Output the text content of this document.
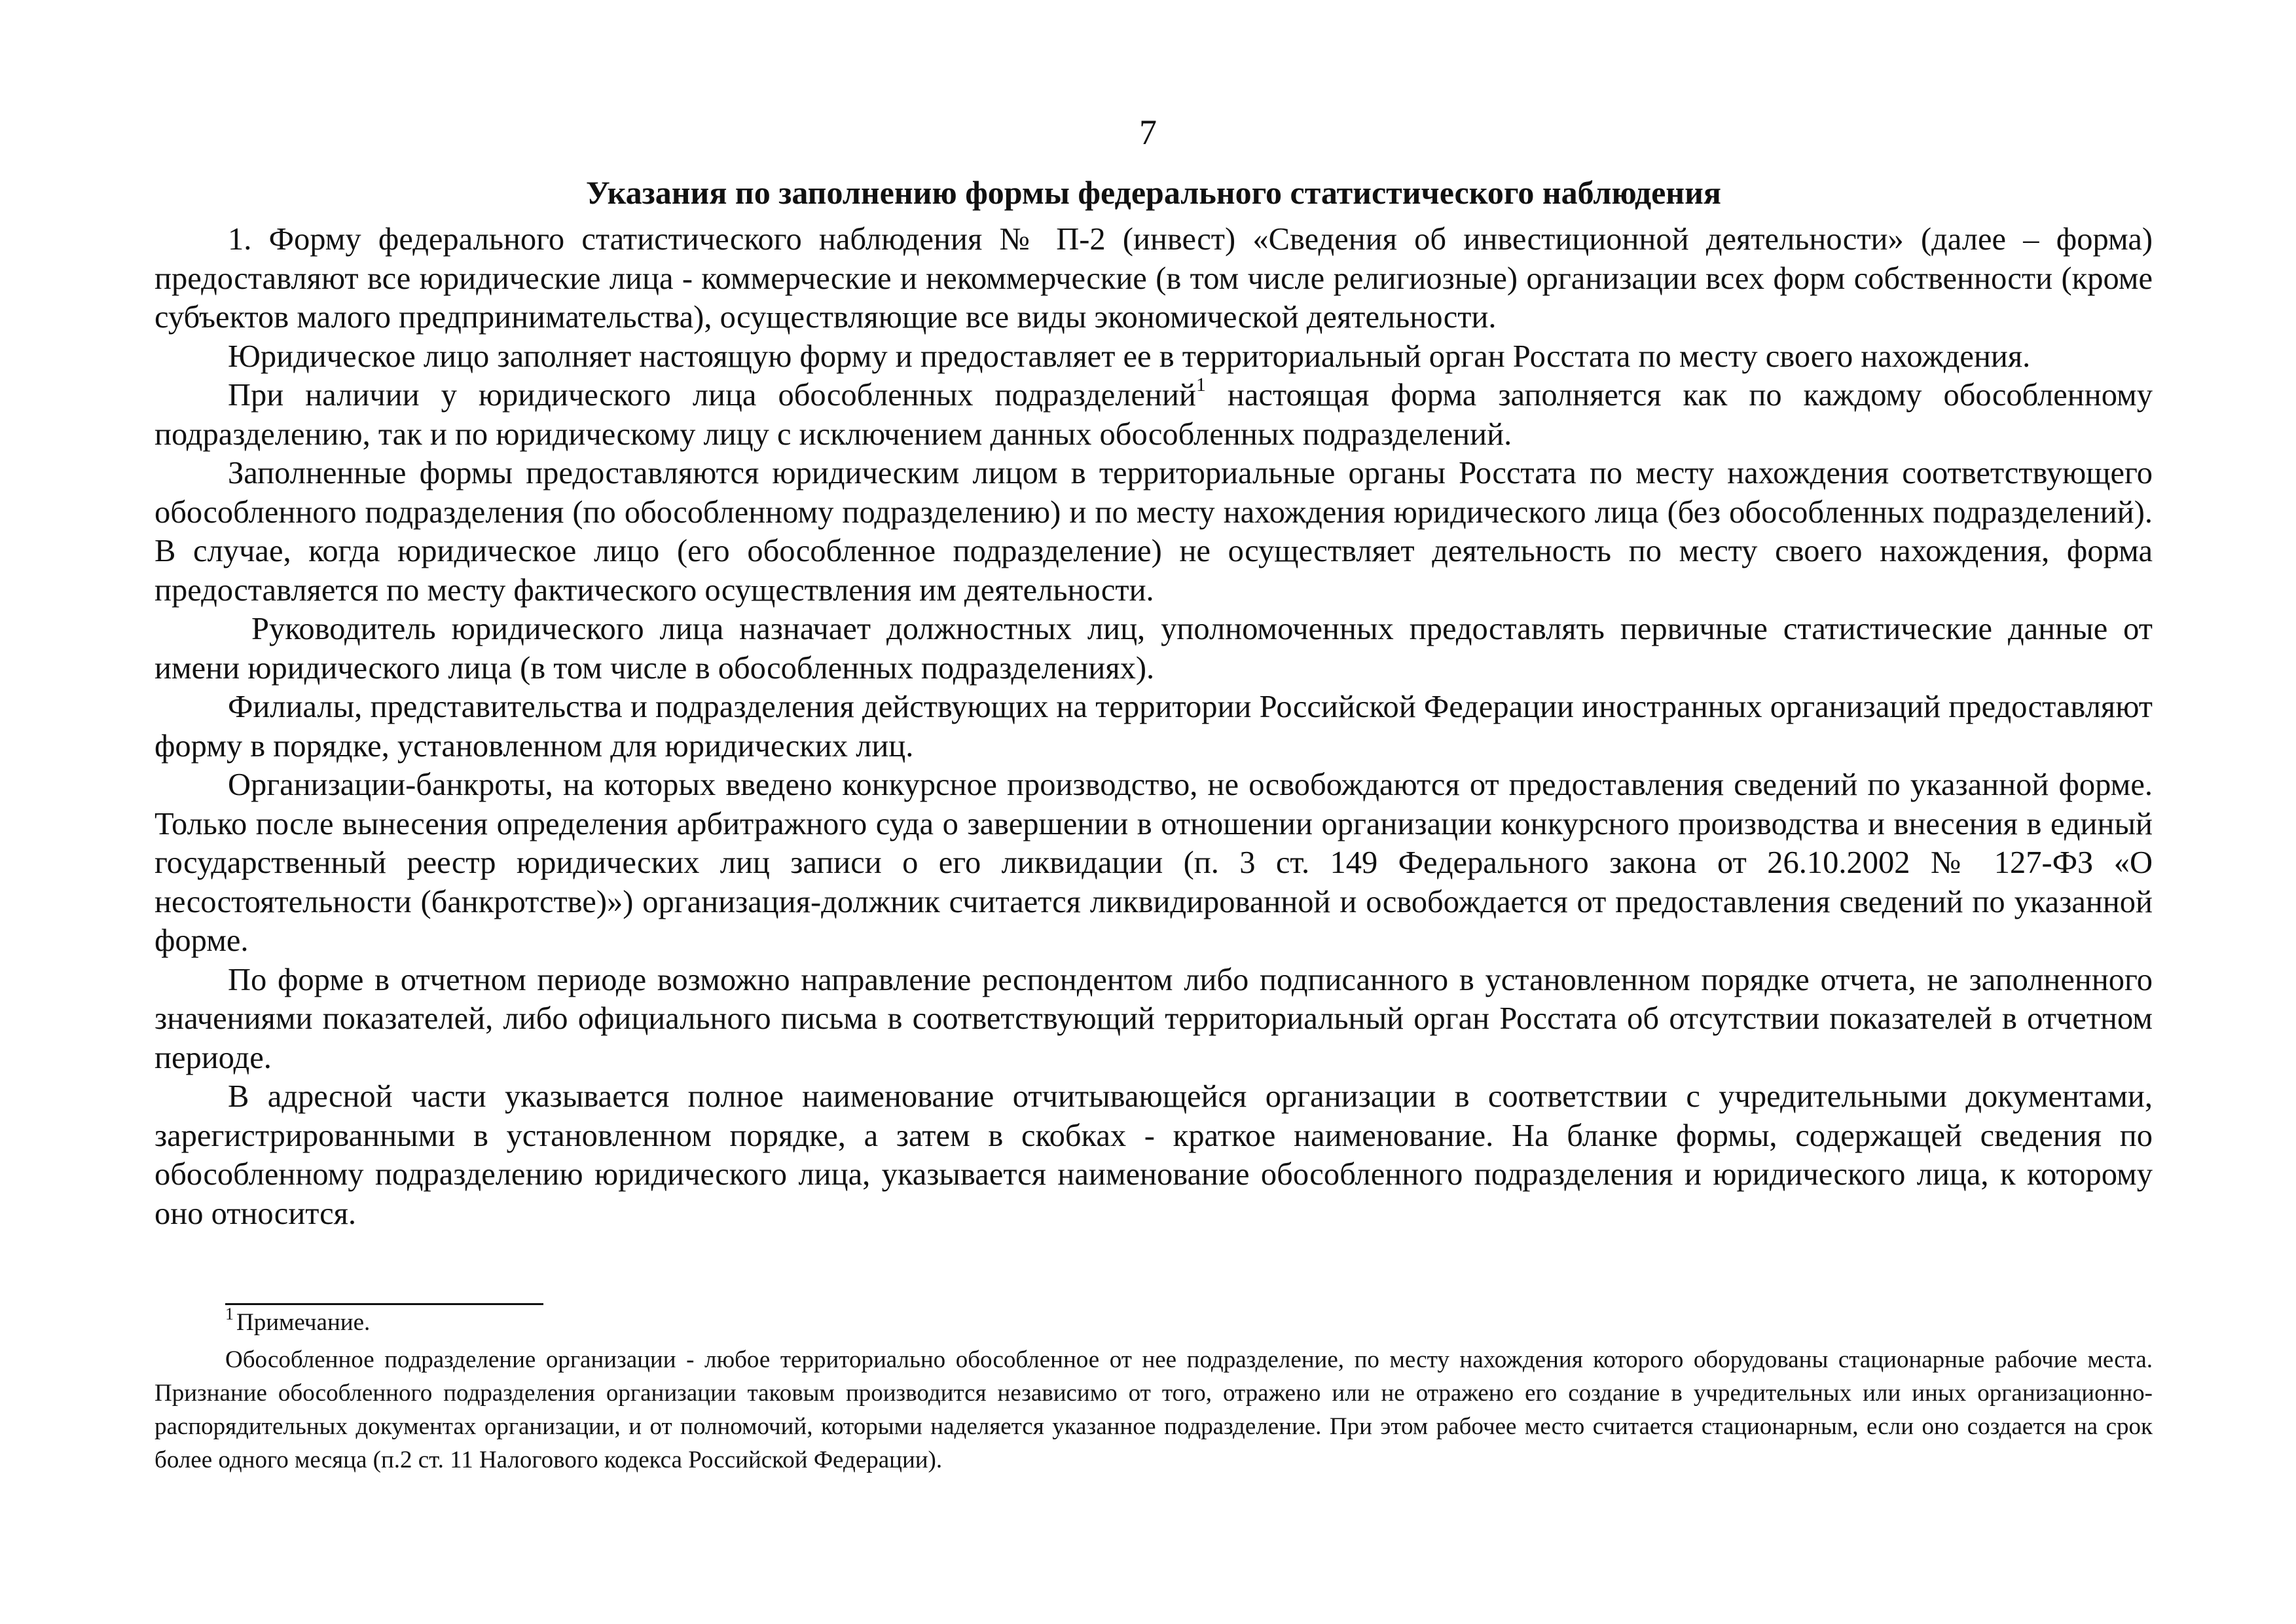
7
Указания по заполнению формы федерального статистического наблюдения

1. Форму федерального статистического наблюдения № П-2 (инвест) «Сведения об инвестиционной деятельности» (далее – форма) предоставляют все юридические лица - коммерческие и некоммерческие (в том числе религиозные) организации всех форм собственности (кроме субъектов малого предпринимательства), осуществляющие все виды экономической деятельности.

Юридическое лицо заполняет настоящую форму и предоставляет ее в территориальный орган Росстата по месту своего нахождения.

При наличии у юридического лица обособленных подразделений$^1$ настоящая форма заполняется как по каждому обособленному подразделению, так и по юридическому лицу с исключением данных обособленных подразделений.

Заполненные формы предоставляются юридическим лицом в территориальные органы Росстата по месту нахождения соответствующего обособленного подразделения (по обособленному подразделению) и по месту нахождения юридического лица (без обособленных подразделений). В случае, когда юридическое лицо (его обособленное подразделение) не осуществляет деятельность по месту своего нахождения, форма предоставляется по месту фактического осуществления им деятельности.

Руководитель юридического лица назначает должностных лиц, уполномоченных предоставлять первичные статистические данные от имени юридического лица (в том числе в обособленных подразделениях).

Филиалы, представительства и подразделения действующих на территории Российской Федерации иностранных организаций предоставляют форму в порядке, установленном для юридических лиц.

Организации-банкроты, на которых введено конкурсное производство, не освобождаются от предоставления сведений по указанной форме. Только после вынесения определения арбитражного суда о завершении в отношении организации конкурсного производства и внесения в единый государственный реестр юридических лиц записи о его ликвидации (п. 3 ст. 149 Федерального закона от 26.10.2002 № 127-ФЗ «О несостоятельности (банкротстве)») организация-должник считается ликвидированной и освобождается от предоставления сведений по указанной форме.

По форме в отчетном периоде возможно направление респондентом либо подписанного в установленном порядке отчета, не заполненного значениями показателей, либо официального письма в соответствующий территориальный орган Росстата об отсутствии показателей в отчетном периоде.

В адресной части указывается полное наименование отчитывающейся организации в соответствии с учредительными документами, зарегистрированными в установленном порядке, а затем в скобках - краткое наименование. На бланке формы, содержащей сведения по обособленному подразделению юридического лица, указывается наименование обособленного подразделения и юридического лица, к которому оно относится.

$^1$ Примечание.

Обособленное подразделение организации - любое территориально обособленное от нее подразделение, по месту нахождения которого оборудованы стационарные рабочие места. Признание обособленного подразделения организации таковым производится независимо от того, отражено или не отражено его создание в учредительных или иных организационно-распорядительных документах организации, и от полномочий, которыми наделяется указанное подразделение. При этом рабочее место считается стационарным, если оно создается на срок более одного месяца (п.2 ст. 11 Налогового кодекса Российской Федерации).
